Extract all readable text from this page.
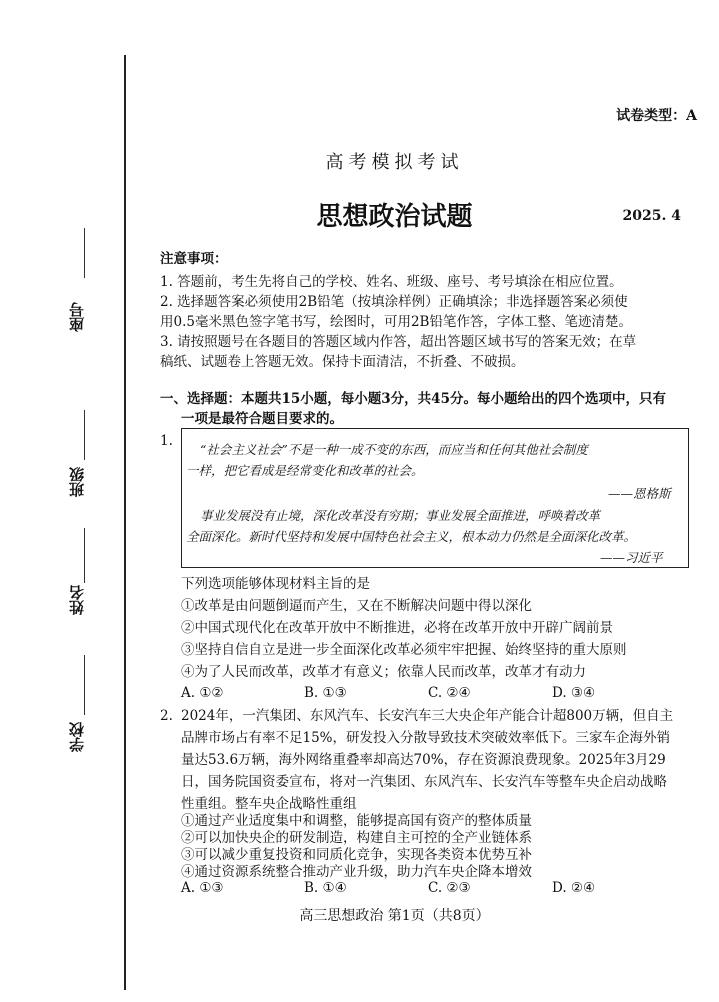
座号
班级
姓名
学校
试卷类型：A
高考模拟考试
思想政治试题	2025. 4
注意事项：
1. 答题前，考生先将自己的学校、姓名、班级、座号、考号填涂在相应位置。
2. 选择题答案必须使用2B铅笔（按填涂样例）正确填涂；非选择题答案必须使
用0.5毫米黑色签字笔书写，绘图时，可用2B铅笔作答，字体工整、笔迹清楚。
3. 请按照题号在各题目的答题区域内作答，超出答题区域书写的答案无效；在草
稿纸、试题卷上答题无效。保持卡面清洁，不折叠、不破损。
一、选择题：本题共15小题，每小题3分，共45分。每小题给出的四个选项中，只有
一项是最符合题目要求的。
1.
“社会主义社会”不是一种一成不变的东西，而应当和任何其他社会制度
一样，把它看成是经常变化和改革的社会。
——恩格斯
事业发展没有止境，深化改革没有穷期；事业发展全面推进，呼唤着改革
全面深化。新时代坚持和发展中国特色社会主义，根本动力仍然是全面深化改革。
——习近平
下列选项能够体现材料主旨的是
①改革是由问题倒逼而产生，又在不断解决问题中得以深化
②中国式现代化在改革开放中不断推进，必将在改革开放中开辟广阔前景
③坚持自信自立是进一步全面深化改革必须牢牢把握、始终坚持的重大原则
④为了人民而改革，改革才有意义；依靠人民而改革，改革才有动力
A. ①②	B. ①③	C. ②④	D. ③④
2. 2024年，一汽集团、东风汽车、长安汽车三大央企年产能合计超800万辆，但自主
品牌市场占有率不足15%，研发投入分散导致技术突破效率低下。三家车企海外销
量达53.6万辆，海外网络重叠率却高达70%，存在资源浪费现象。2025年3月29
日，国务院国资委宣布，将对一汽集团、东风汽车、长安汽车等整车央企启动战略
性重组。整车央企战略性重组
①通过产业适度集中和调整，能够提高国有资产的整体质量
②可以加快央企的研发制造，构建自主可控的全产业链体系
③可以减少重复投资和同质化竞争，实现各类资本优势互补
④通过资源系统整合推动产业升级，助力汽车央企降本增效
高三思想政治 第1页（共8页）
A. ①③	B. ①④	C. ②③	D. ②④
